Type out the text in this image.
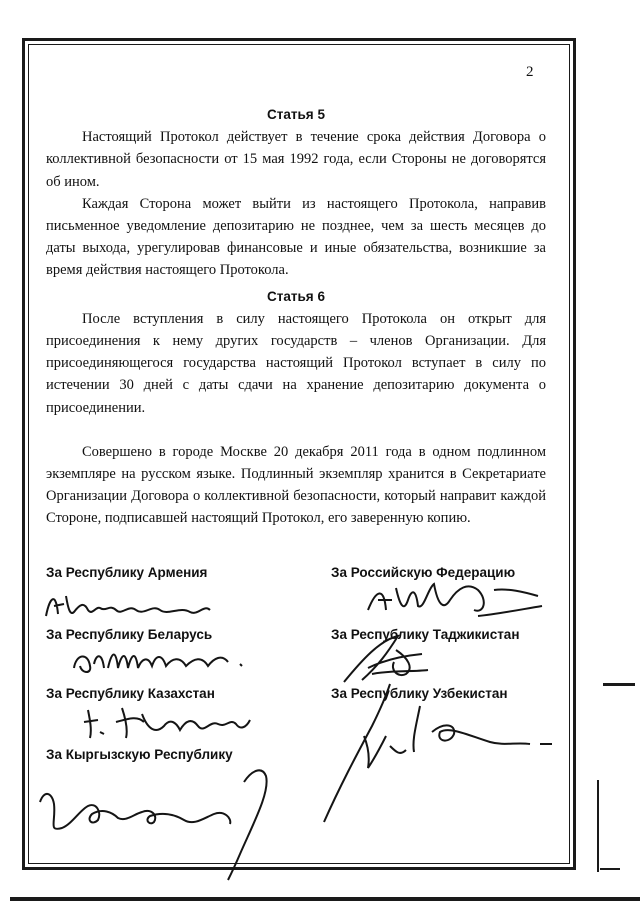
2

Статья 5

Настоящий Протокол действует в течение срока действия Договора о коллективной безопасности от 15 мая 1992 года, если Стороны не договорятся об ином.

Каждая Сторона может выйти из настоящего Протокола, направив письменное уведомление депозитарию не позднее, чем за шесть месяцев до даты выхода, урегулировав финансовые и иные обязательства, возникшие за время действия настоящего Протокола.

Статья 6

После вступления в силу настоящего Протокола он открыт для присоединения к нему других государств – членов Организации. Для присоединяющегося государства настоящий Протокол вступает в силу по истечении 30 дней с даты сдачи на хранение депозитарию документа о присоединении.

Совершено в городе Москве 20 декабря 2011 года в одном подлинном экземпляре на русском языке. Подлинный экземпляр хранится в Секретариате Организации Договора о коллективной безопасности, который направит каждой Стороне, подписавшей настоящий Протокол, его заверенную копию.

За Республику Армения	За Российскую Федерацию
За Республику Беларусь	За Республику Таджикистан
За Республику Казахстан	За Республику Узбекистан
За Кыргызскую Республику
